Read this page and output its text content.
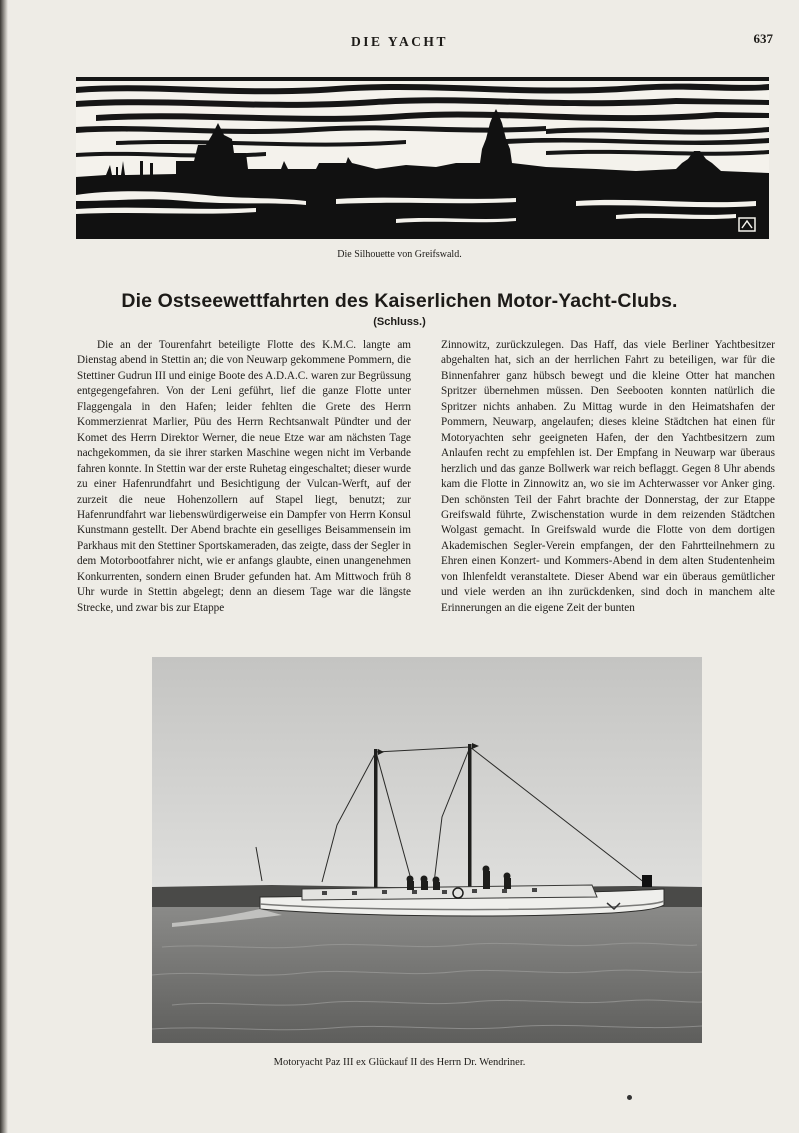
DIE YACHT	637
Die Silhouette von Greifswald.
Die Ostseewettfahrten des Kaiserlichen Motor-Yacht-Clubs.
(Schluss.)

Die an der Tourenfahrt beteiligte Flotte des K.M.C. langte am Dienstag abend in Stettin an; die von Neuwarp gekommene Pommern, die Stettiner Gudrun III und einige Boote des A.D.A.C. waren zur Begrüssung entgegengefahren. Von der Leni geführt, lief die ganze Flotte unter Flaggengala in den Hafen; leider fehlten die Grete des Herrn Kommerzienrat Marlier, Püu des Herrn Rechtsanwalt Pündter und der Komet des Herrn Direktor Werner, die neue Etze war am nächsten Tage nachgekommen, da sie ihrer starken Maschine wegen nicht im Verbande fahren konnte. In Stettin war der erste Ruhetag eingeschaltet; dieser wurde zu einer Hafenrundfahrt und Besichtigung der Vulcan-Werft, auf der zurzeit die neue Hohenzollern auf Stapel liegt, benutzt; zur Hafenrundfahrt war liebenswürdigerweise ein Dampfer von Herrn Konsul Kunstmann gestellt. Der Abend brachte ein geselliges Beisammensein im Parkhaus mit den Stettiner Sportskameraden, das zeigte, dass der Segler in dem Motorbootfahrer nicht, wie er anfangs glaubte, einen unangenehmen Konkurrenten, sondern einen Bruder gefunden hat. Am Mittwoch früh 8 Uhr wurde in Stettin abgelegt; denn an diesem Tage war die längste Strecke, und zwar bis zur Etappe

Zinnowitz, zurückzulegen. Das Haff, das viele Berliner Yachtbesitzer abgehalten hat, sich an der herrlichen Fahrt zu beteiligen, war für die Binnenfahrer ganz hübsch bewegt und die kleine Otter hat manchen Spritzer übernehmen müssen. Den Seebooten konnten natürlich die Spritzer nichts anhaben. Zu Mittag wurde in den Heimatshafen der Pommern, Neuwarp, angelaufen; dieses kleine Städtchen hat einen für Motoryachten sehr geeigneten Hafen, der den Yachtbesitzern zum Anlaufen recht zu empfehlen ist. Der Empfang in Neuwarp war überaus herzlich und das ganze Bollwerk war reich beflaggt. Gegen 8 Uhr abends kam die Flotte in Zinnowitz an, wo sie im Achterwasser vor Anker ging. Den schönsten Teil der Fahrt brachte der Donnerstag, der zur Etappe Greifswald führte, Zwischenstation wurde in dem reizenden Städtchen Wolgast gemacht. In Greifswald wurde die Flotte von dem dortigen Akademischen Segler-Verein empfangen, der den Fahrtteilnehmern zu Ehren einen Konzert- und Kommers-Abend in dem alten Studentenheim von Ihlenfeldt veranstaltete. Dieser Abend war ein überaus gemütlicher und viele werden an ihn zurückdenken, sind doch in manchem alte Erinnerungen an die eigene Zeit der bunten

Motoryacht Paz III ex Glückauf II des Herrn Dr. Wendriner.
